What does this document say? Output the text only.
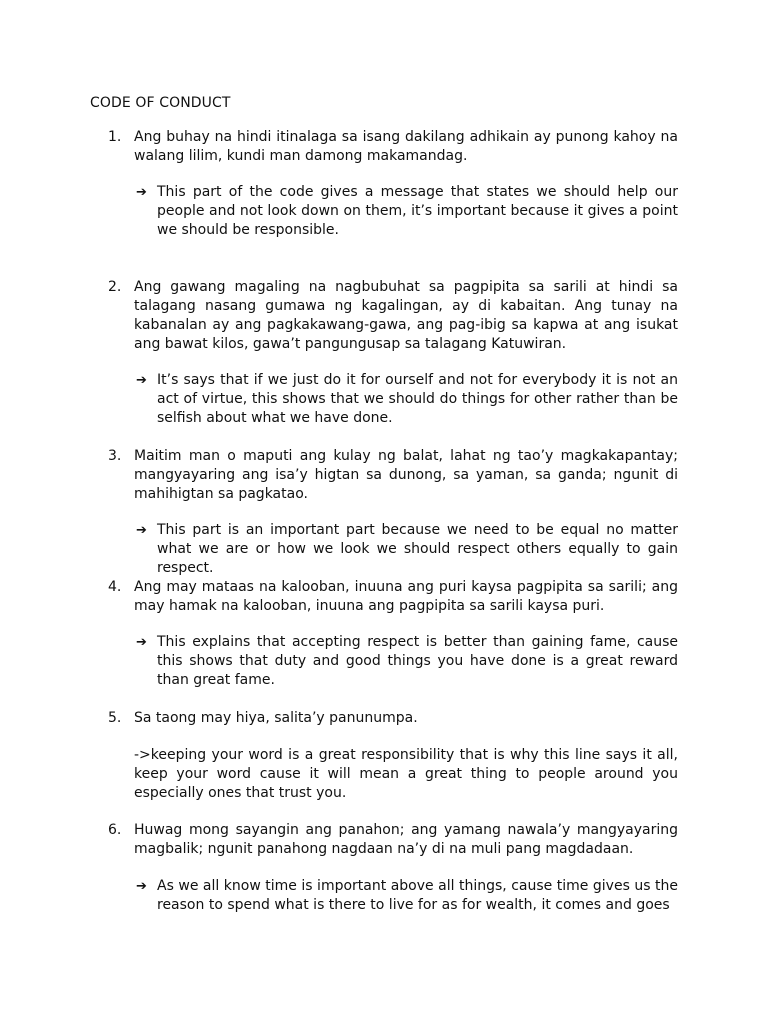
CODE OF CONDUCT
1. Ang buhay na hindi itinalaga sa isang dakilang adhikain ay punong kahoy na walang lilim, kundi man damong makamandag.
➔ This part of the code gives a message that states we should help our people and not look down on them, it’s important because it gives a point we should be responsible.
2. Ang gawang magaling na nagbubuhat sa pagpipita sa sarili at hindi sa talagang nasang gumawa ng kagalingan, ay di kabaitan. Ang tunay na kabanalan ay ang pagkakawang-gawa, ang pag-ibig sa kapwa at ang isukat ang bawat kilos, gawa’t pangungusap sa talagang Katuwiran.
➔ It’s says that if we just do it for ourself and not for everybody it is not an act of virtue, this shows that we should do things for other rather than be selfish about what we have done.
3. Maitim man o maputi ang kulay ng balat, lahat ng tao’y magkakapantay; mangyayaring ang isa’y higtan sa dunong, sa yaman, sa ganda; ngunit di mahihigtan sa pagkatao.
➔ This part is an important part because we need to be equal no matter what we are or how we look we should respect others equally to gain respect.
4. Ang may mataas na kalooban, inuuna ang puri kaysa pagpipita sa sarili; ang may hamak na kalooban, inuuna ang pagpipita sa sarili kaysa puri.
➔ This explains that accepting respect is better than gaining fame, cause this shows that duty and good things you have done is a great reward than great fame.
5. Sa taong may hiya, salita’y panunumpa.
->keeping your word is a great responsibility that is why this line says it all, keep your word cause it will mean a great thing to people around you especially ones that trust you.
6. Huwag mong sayangin ang panahon; ang yamang nawala’y mangyayaring magbalik; ngunit panahong nagdaan na’y di na muli pang magdadaan.
➔ As we all know time is important above all things, cause time gives us the reason to spend what is there to live for as for wealth, it comes and goes
